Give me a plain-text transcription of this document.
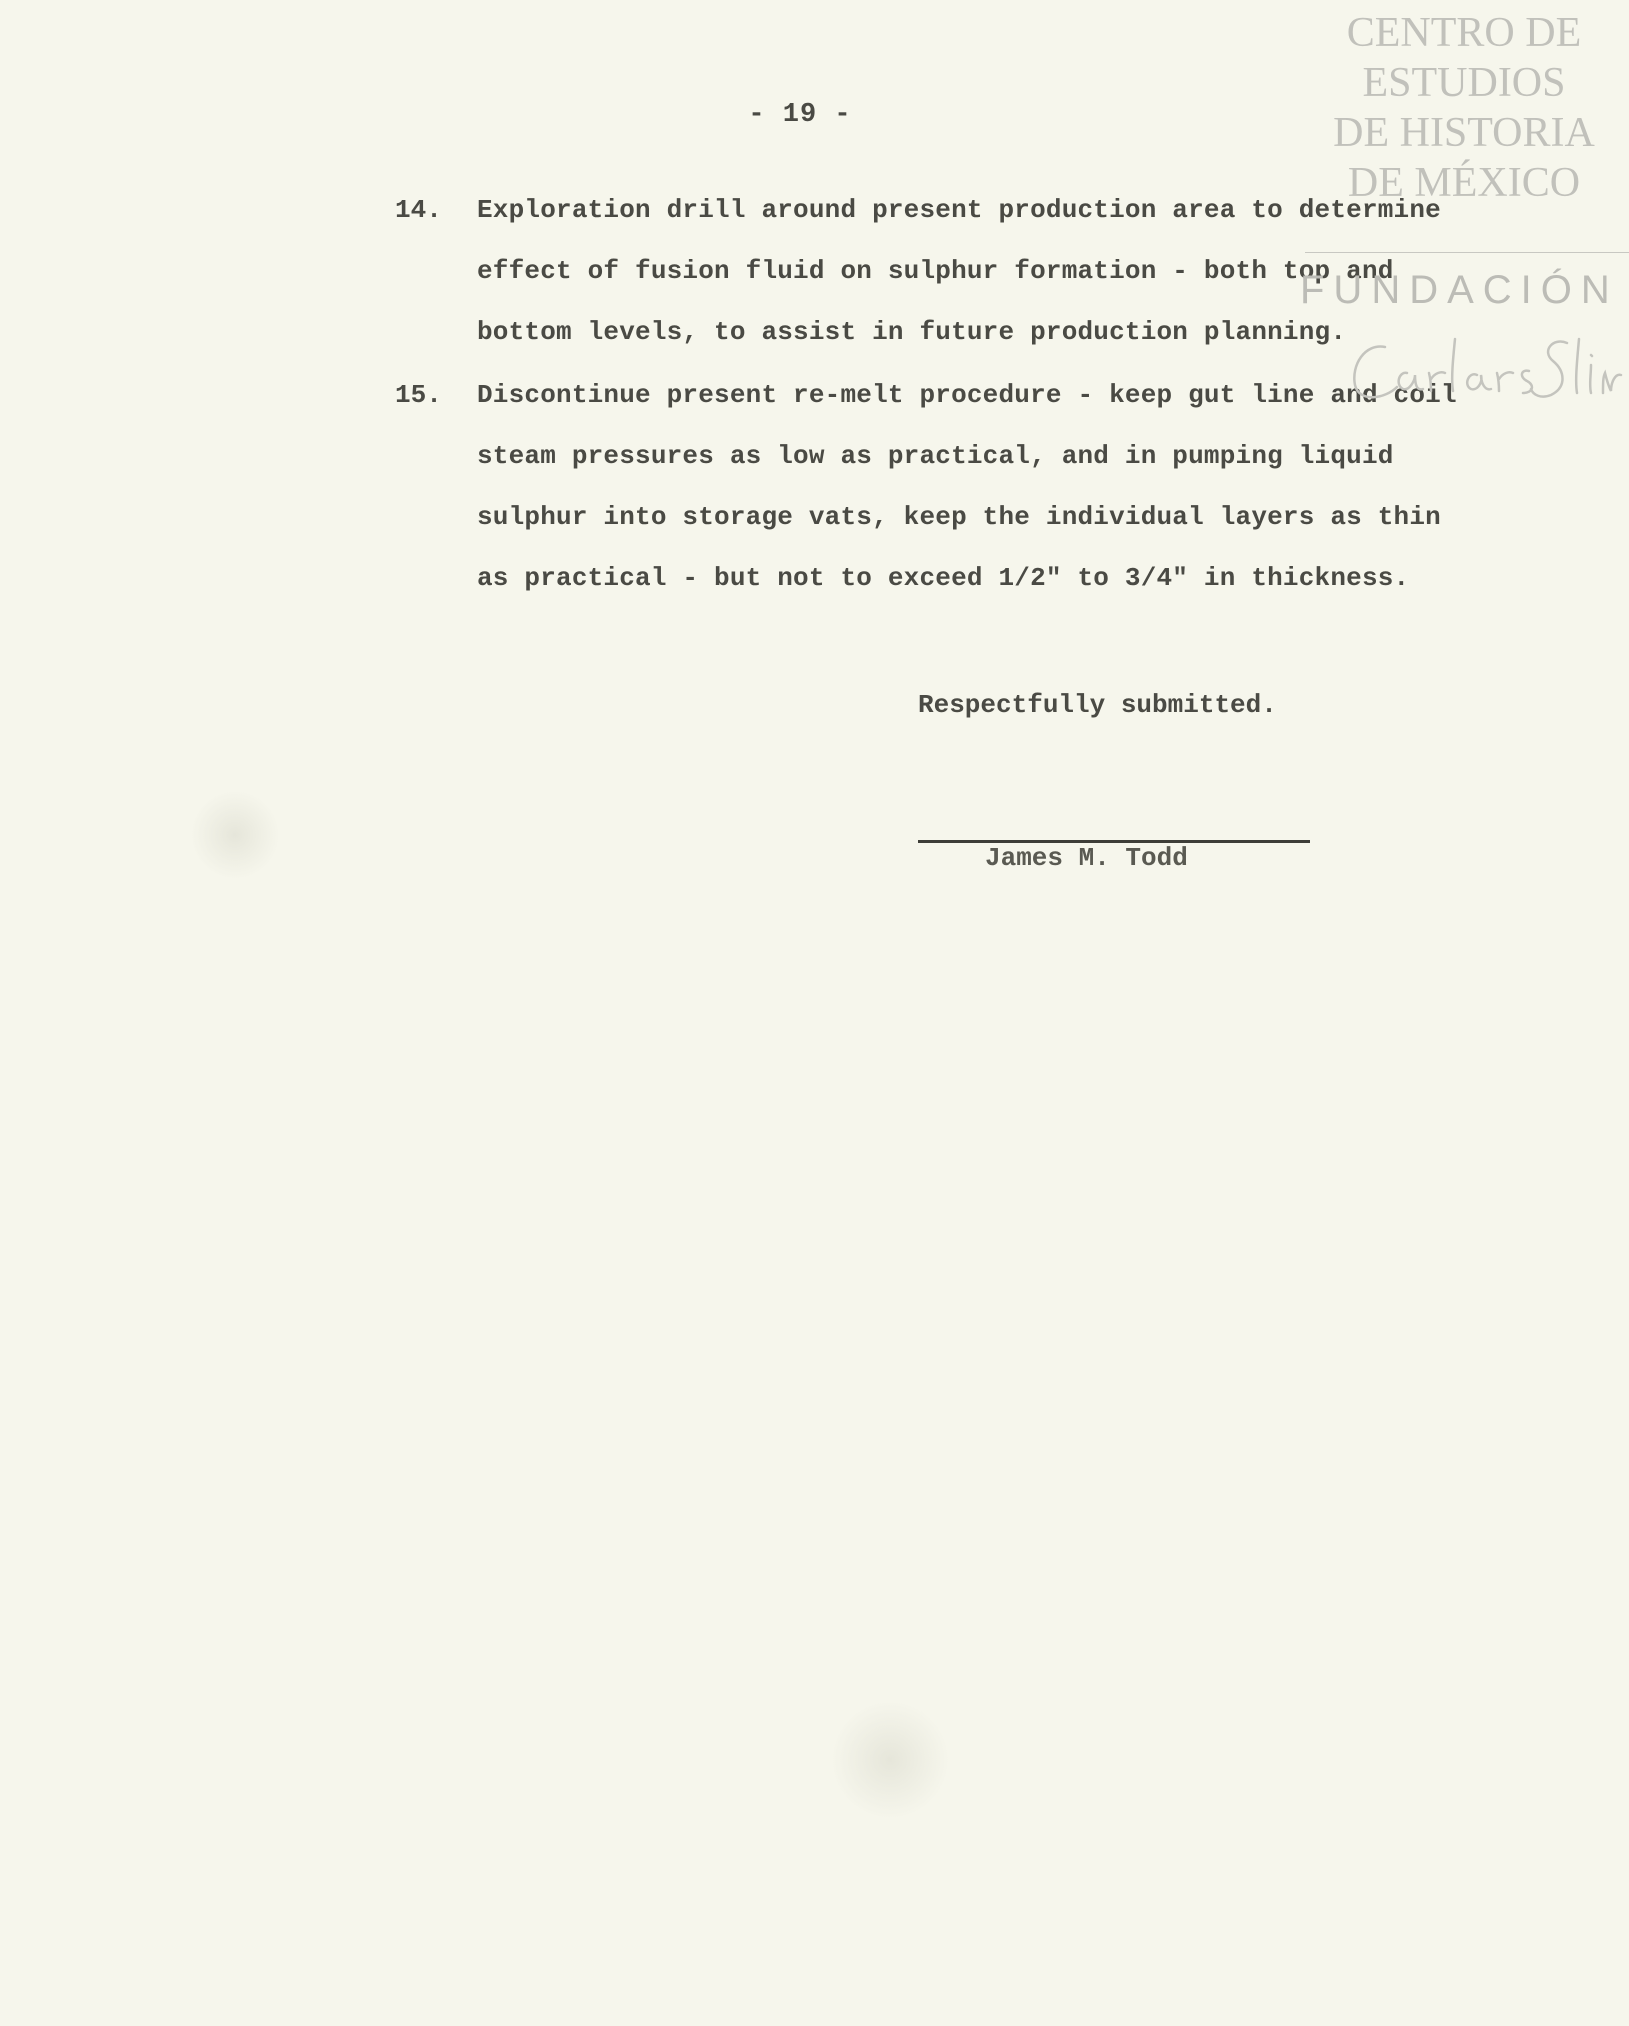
- 19 -
14. Exploration drill around present production area to determine
effect of fusion fluid on sulphur formation - both top and
bottom levels, to assist in future production planning.
15. Discontinue present re-melt procedure - keep gut line and coil
steam pressures as low as practical, and in pumping liquid
sulphur into storage vats, keep the individual layers as thin
as practical - but not to exceed 1/2" to 3/4" in thickness.
Respectfully submitted.
James M. Todd
CENTRO DE
ESTUDIOS
DE HISTORIA
DE MÉXICO
FUNDACIÓN
